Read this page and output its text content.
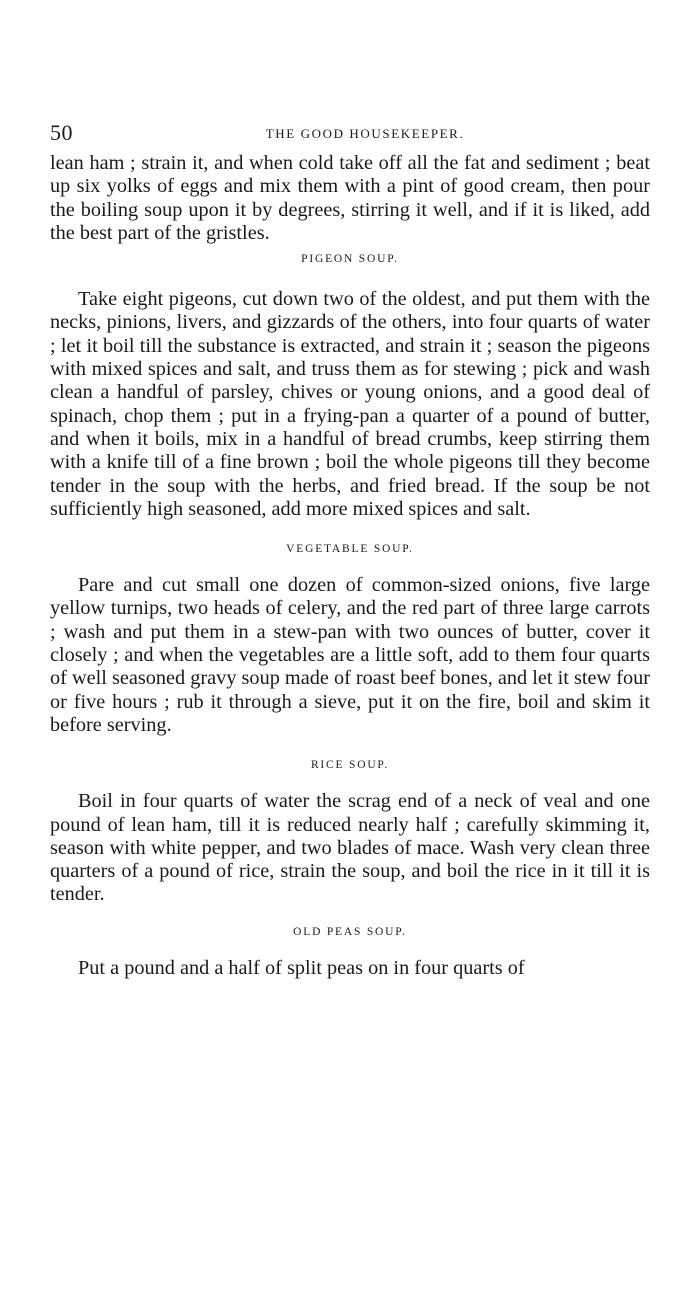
50	THE GOOD HOUSEKEEPER.

lean ham ; strain it, and when cold take off all the fat and sediment ; beat up six yolks of eggs and mix them with a pint of good cream, then pour the boiling soup upon it by degrees, stirring it well, and if it is liked, add the best part of the gristles.

PIGEON SOUP.

Take eight pigeons, cut down two of the oldest, and put them with the necks, pinions, livers, and gizzards of the others, into four quarts of water ; let it boil till the substance is extracted, and strain it ; season the pigeons with mixed spices and salt, and truss them as for stewing ; pick and wash clean a handful of parsley, chives or young onions, and a good deal of spinach, chop them ; put in a frying-pan a quarter of a pound of butter, and when it boils, mix in a handful of bread crumbs, keep stirring them with a knife till of a fine brown ; boil the whole pigeons till they become tender in the soup with the herbs, and fried bread. If the soup be not sufficiently high seasoned, add more mixed spices and salt.

VEGETABLE SOUP.

Pare and cut small one dozen of common-sized onions, five large yellow turnips, two heads of celery, and the red part of three large carrots ; wash and put them in a stew-pan with two ounces of butter, cover it closely ; and when the vegetables are a little soft, add to them four quarts of well seasoned gravy soup made of roast beef bones, and let it stew four or five hours ; rub it through a sieve, put it on the fire, boil and skim it before serving.

RICE SOUP.

Boil in four quarts of water the scrag end of a neck of veal and one pound of lean ham, till it is reduced nearly half ; carefully skimming it, season with white pepper, and two blades of mace. Wash very clean three quarters of a pound of rice, strain the soup, and boil the rice in it till it is tender.

OLD PEAS SOUP.

Put a pound and a half of split peas on in four quarts of
